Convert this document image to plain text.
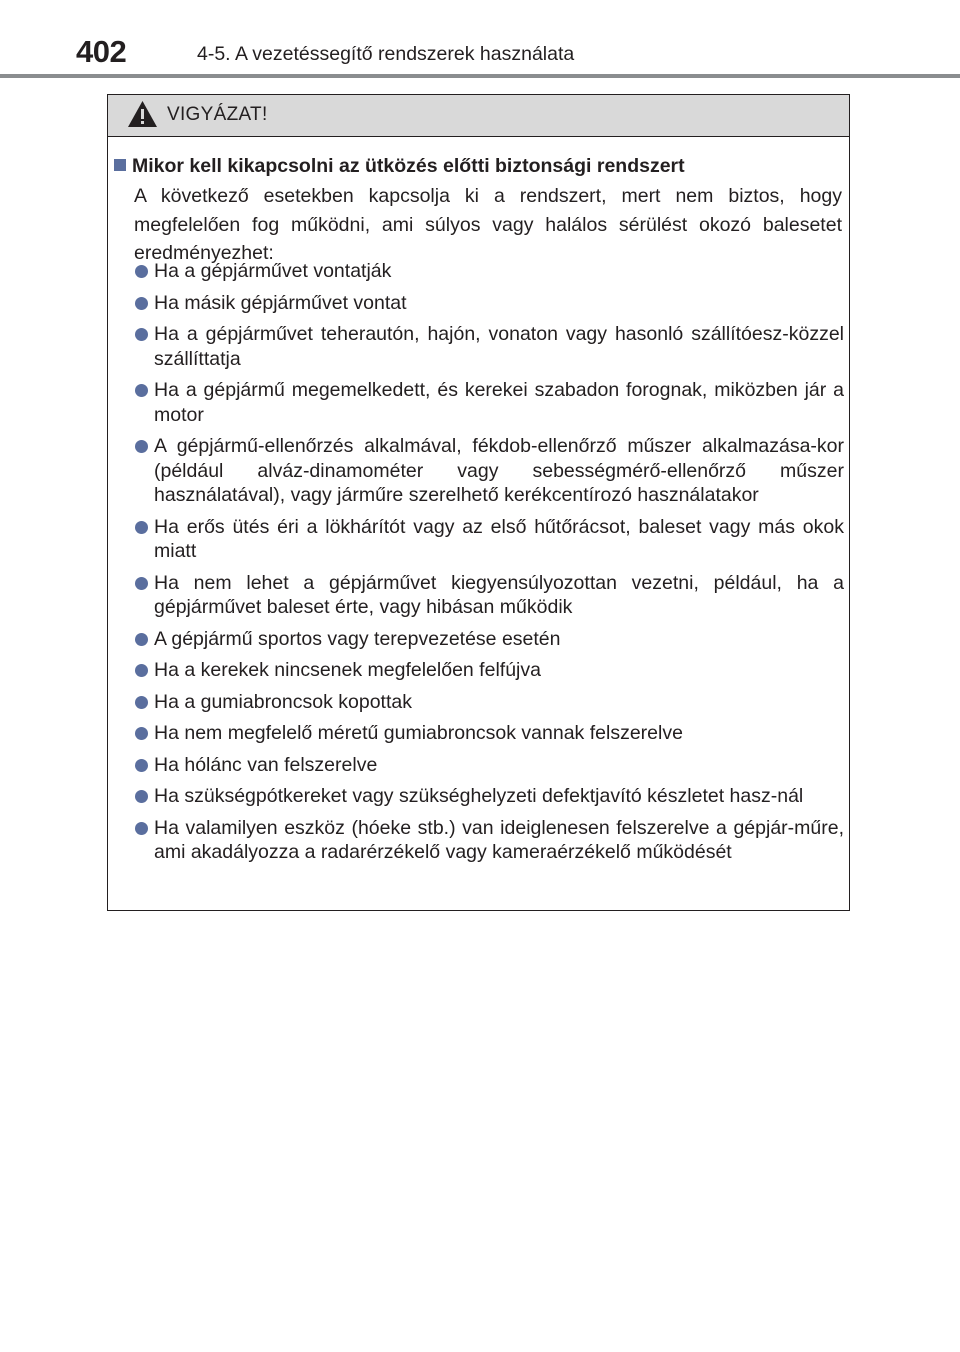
402	4-5. A vezetéssegítő rendszerek használata
VIGYÁZAT!
Mikor kell kikapcsolni az ütközés előtti biztonsági rendszert
A következő esetekben kapcsolja ki a rendszert, mert nem biztos, hogy megfelelően fog működni, ami súlyos vagy halálos sérülést okozó balesetet eredményezhet:
Ha a gépjárművet vontatják
Ha másik gépjárművet vontat
Ha a gépjárművet teherautón, hajón, vonaton vagy hasonló szállítóesz-közzel szállíttatja
Ha a gépjármű megemelkedett, és kerekei szabadon forognak, miközben jár a motor
A gépjármű-ellenőrzés alkalmával, fékdob-ellenőrző műszer alkalmazása-kor (például alváz-dinamométer vagy sebességmérő-ellenőrző műszer használatával), vagy járműre szerelhető kerékcentírozó használatakor
Ha erős ütés éri a lökhárítót vagy az első hűtőrácsot, baleset vagy más okok miatt
Ha nem lehet a gépjárművet kiegyensúlyozottan vezetni, például, ha a gépjárművet baleset érte, vagy hibásan működik
A gépjármű sportos vagy terepvezetése esetén
Ha a kerekek nincsenek megfelelően felfújva
Ha a gumiabroncsok kopottak
Ha nem megfelelő méretű gumiabroncsok vannak felszerelve
Ha hólánc van felszerelve
Ha szükségpótkereket vagy szükséghelyzeti defektjavító készletet hasz-nál
Ha valamilyen eszköz (hóeke stb.) van ideiglenesen felszerelve a gépjár-műre, ami akadályozza a radarérzékelő vagy kameraérzékelő működését
